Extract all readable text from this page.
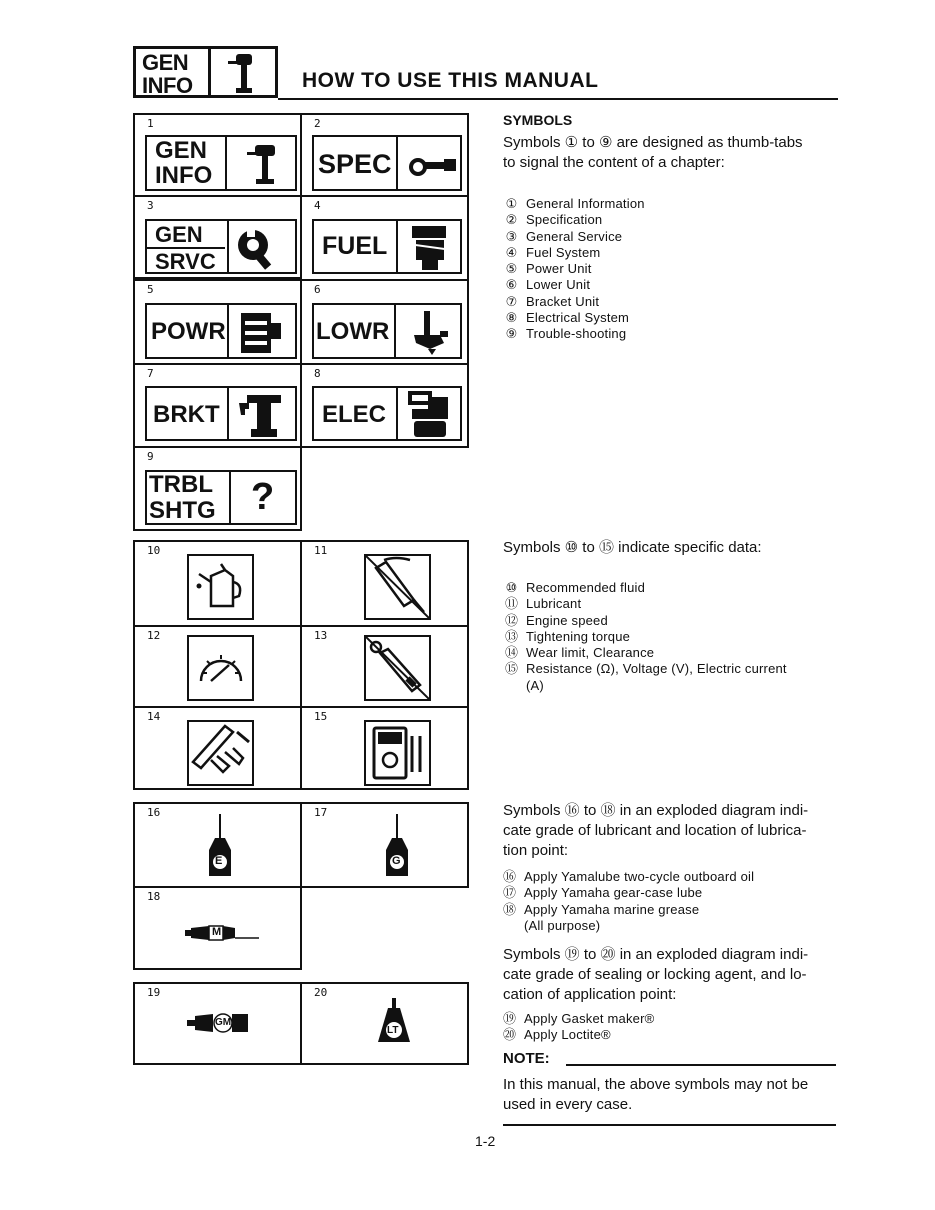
GEN
INFO	HOW TO USE THIS MANUAL
1
GEN
INFO
2
SPEC
3
GEN
SRVC
4
FUEL
5
POWR
6
LOWR
7
BRKT
8
ELEC
9
TRBL
SHTG ?
10	11
12	13
14	15
16
E
17
G
18
M
19
GM
20
LT
SYMBOLS
Symbols ① to ⑨ are designed as thumb-tabs
to signal the content of a chapter:
① General Information
② Specification
③ General Service
④ Fuel System
⑤ Power Unit
⑥ Lower Unit
⑦ Bracket Unit
⑧ Electrical System
⑨ Trouble-shooting
Symbols ⑩ to ⑮ indicate specific data:
⑩ Recommended fluid
⑪ Lubricant
⑫ Engine speed
⑬ Tightening torque
⑭ Wear limit, Clearance
⑮ Resistance (Ω), Voltage (V), Electric current
(A)
Symbols ⑯ to ⑱ in an exploded diagram indi-
cate grade of lubricant and location of lubrica-
tion point:
⑯ Apply Yamalube two-cycle outboard oil
⑰ Apply Yamaha gear-case lube
⑱ Apply Yamaha marine grease
(All purpose)
Symbols ⑲ to ⑳ in an exploded diagram indi-
cate grade of sealing or locking agent, and lo-
cation of application point:
⑲ Apply Gasket maker®
⑳ Apply Loctite®
NOTE:
In this manual, the above symbols may not be
used in every case.
1-2
